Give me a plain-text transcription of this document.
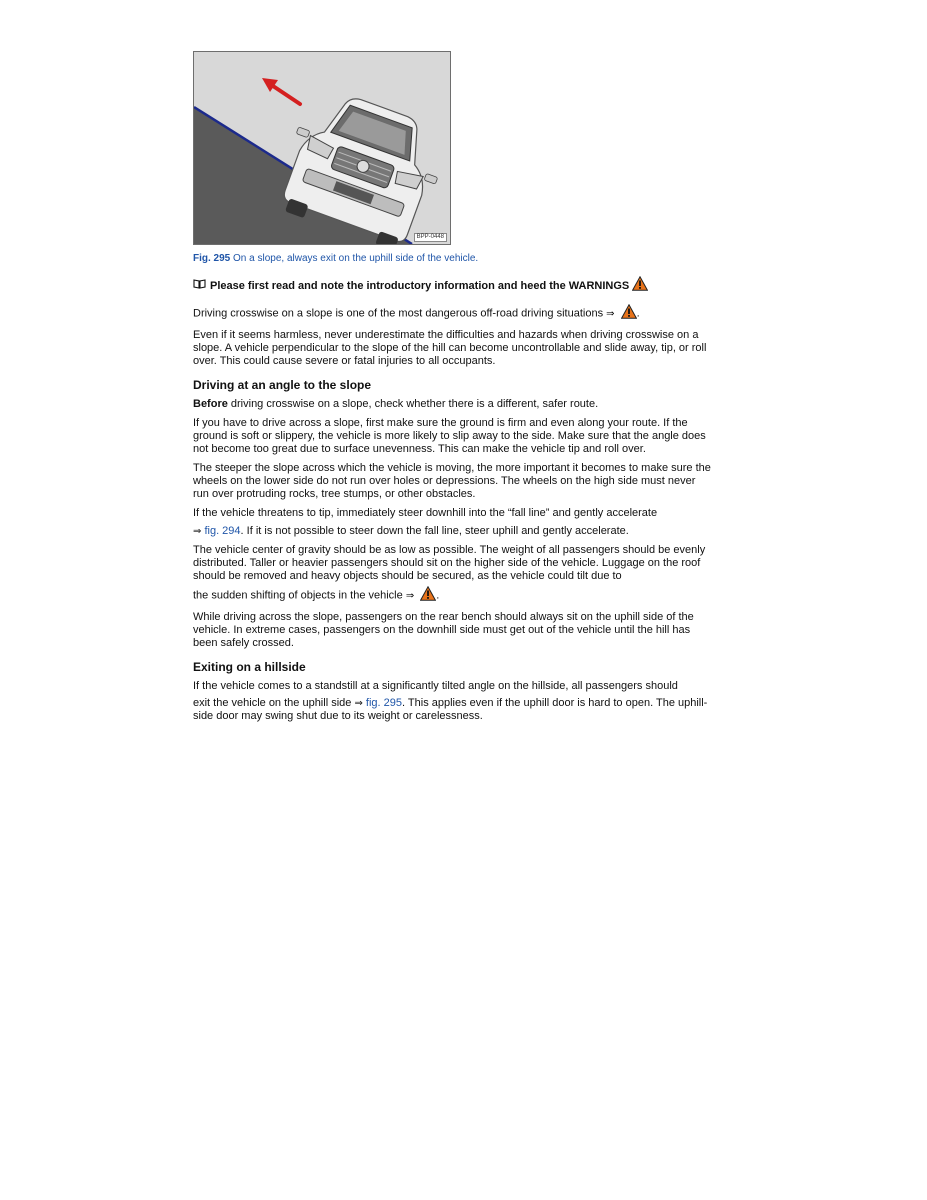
BPP-0448
Fig. 295 On a slope, always exit on the uphill side of the vehicle.
Please first read and note the introductory information and heed the WARNINGS

Driving crosswise on a slope is one of the most dangerous off-road driving situations ⇒ .

Even if it seems harmless, never underestimate the difficulties and hazards when driving crosswise on a slope. A vehicle perpendicular to the slope of the hill can become uncontrollable and slide away, tip, or roll over. This could cause severe or fatal injuries to all occupants.

Driving at an angle to the slope

Before driving crosswise on a slope, check whether there is a different, safer route.

If you have to drive across a slope, first make sure the ground is firm and even along your route. If the ground is soft or slippery, the vehicle is more likely to slip away to the side. Make sure that the angle does not become too great due to surface unevenness. This can make the vehicle tip and roll over.

The steeper the slope across which the vehicle is moving, the more important it becomes to make sure the wheels on the lower side do not run over holes or depressions. The wheels on the high side must never run over protruding rocks, tree stumps, or other obstacles.

If the vehicle threatens to tip, immediately steer downhill into the “fall line” and gently accelerate

⇒ fig. 294. If it is not possible to steer down the fall line, steer uphill and gently accelerate.

The vehicle center of gravity should be as low as possible. The weight of all passengers should be evenly distributed. Taller or heavier passengers should sit on the higher side of the vehicle. Luggage on the roof should be removed and heavy objects should be secured, as the vehicle could tilt due to

the sudden shifting of objects in the vehicle ⇒ .

While driving across the slope, passengers on the rear bench should always sit on the uphill side of the vehicle. In extreme cases, passengers on the downhill side must get out of the vehicle until the hill has been safely crossed.

Exiting on a hillside

If the vehicle comes to a standstill at a significantly tilted angle on the hillside, all passengers should

exit the vehicle on the uphill side ⇒ fig. 295. This applies even if the uphill door is hard to open. The uphill-side door may swing shut due to its weight or carelessness.
